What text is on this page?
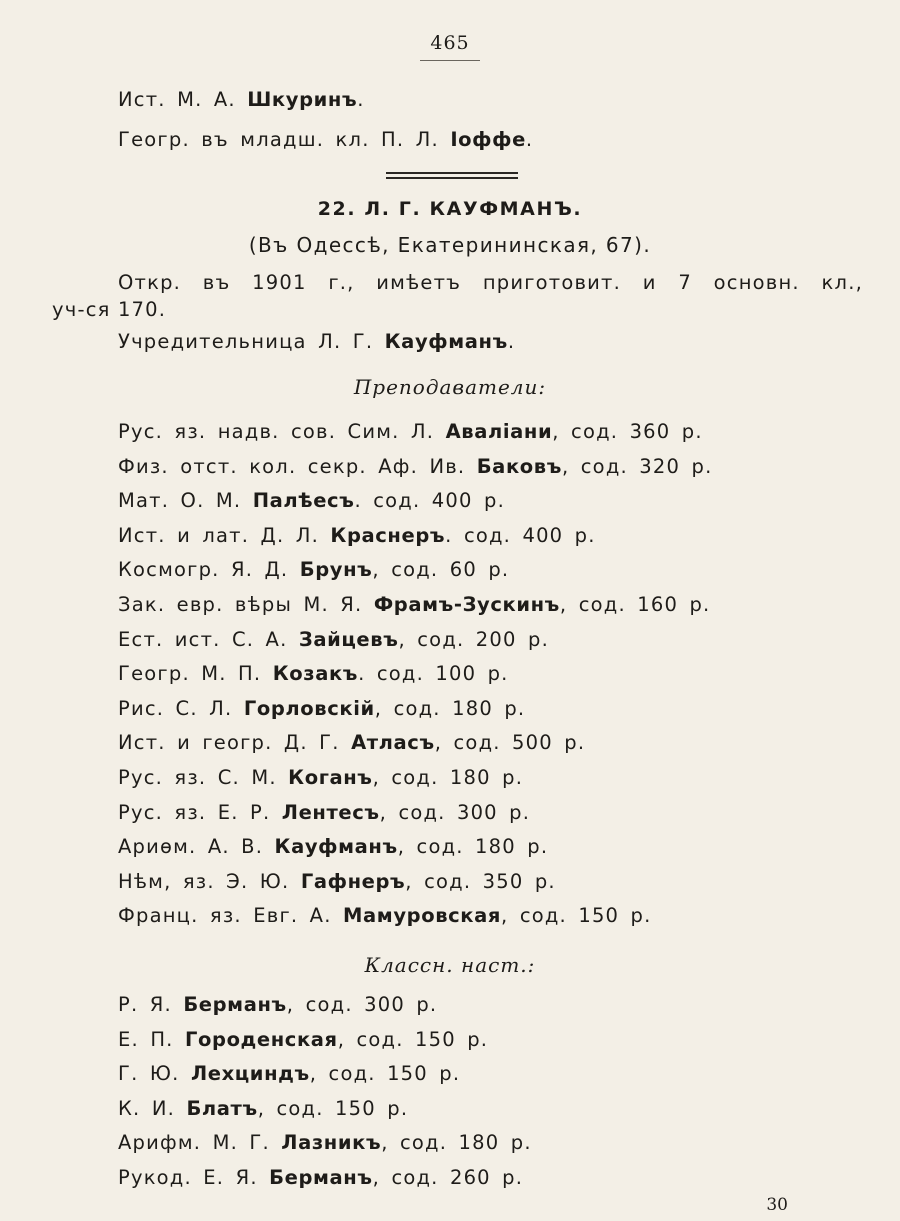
465
Ист. М. А. Шкуринъ.
Геогр. въ младш. кл. П. Л. Іоффе.
22. Л. Г. КАУФМАНЪ.
(Въ Одессѣ, Екатерининская, 67).
Откр. въ 1901 г., имѣетъ приготовит. и 7 основн. кл.,
уч-ся 170.
Учредительница Л. Г. Кауфманъ.
Преподаватели:
Рус. яз. надв. сов. Сим. Л. Аваліани, сод. 360 р.
Физ. отст. кол. секр. Аф. Ив. Баковъ, сод. 320 р.
Мат. О. М. Палѣесъ. сод. 400 р.
Ист. и лат. Д. Л. Краснеръ. сод. 400 р.
Космогр. Я. Д. Брунъ, сод. 60 р.
Зак. евр. вѣры М. Я. Фрамъ-Зускинъ, сод. 160 р.
Ест. ист. С. А. Зайцевъ, сод. 200 р.
Геогр. М. П. Козакъ. сод. 100 р.
Рис. С. Л. Горловскій, сод. 180 р.
Ист. и геогр. Д. Г. Атласъ, сод. 500 р.
Рус. яз. С. М. Коганъ, сод. 180 р.
Рус. яз. Е. Р. Лентесъ, сод. 300 р.
Ариѳм. А. В. Кауфманъ, сод. 180 р.
Нѣм, яз. Э. Ю. Гафнеръ, сод. 350 р.
Франц. яз. Евг. А. Мамуровская, сод. 150 р.
Классн. наст.:
Р. Я. Берманъ, сод. 300 р.
Е. П. Городенская, сод. 150 р.
Г. Ю. Лехциндъ, сод. 150 р.
К. И. Блатъ, сод. 150 р.
Арифм. М. Г. Лазникъ, сод. 180 р.
Рукод. Е. Я. Берманъ, сод. 260 р.
30
